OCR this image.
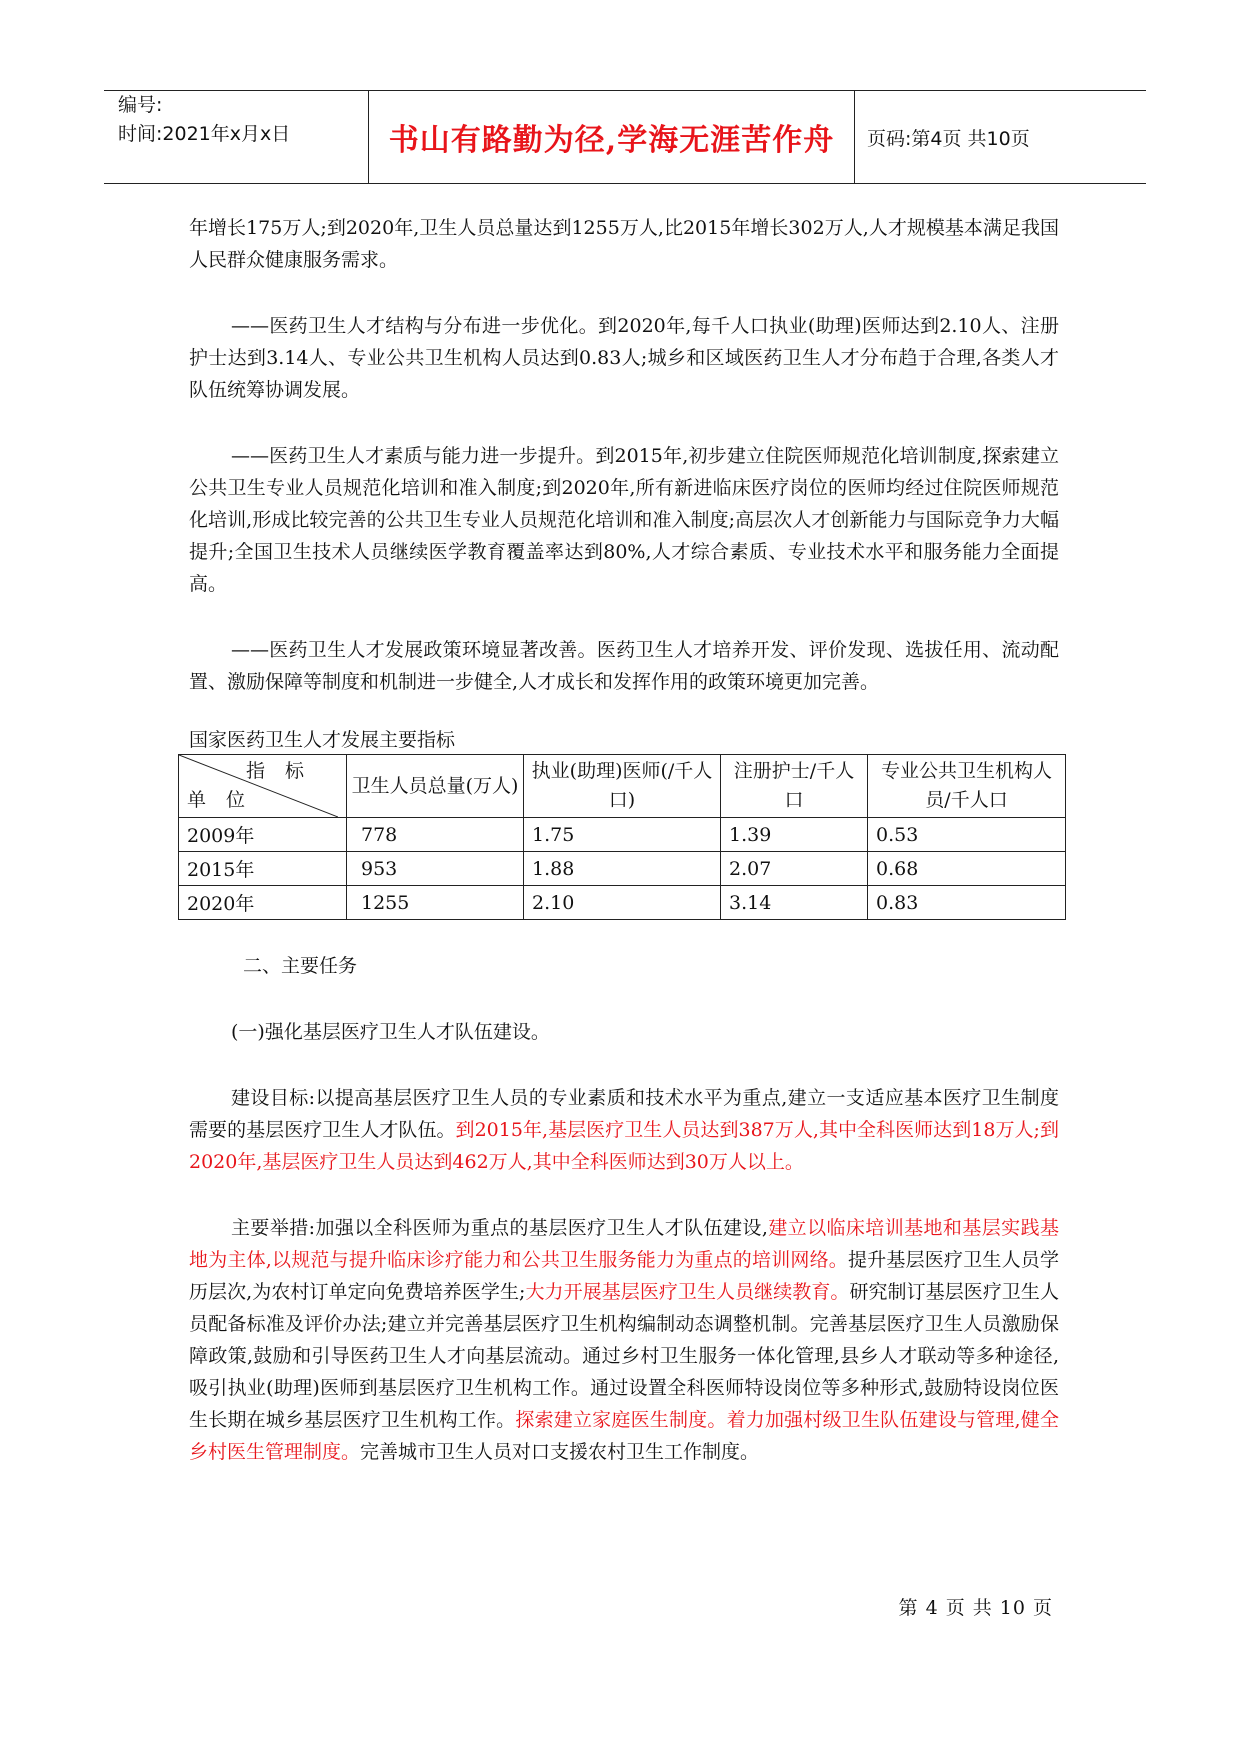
编号:
时间:2021年x月x日	书山有路勤为径,学海无涯苦作舟	页码:第4页 共10页

年增长175万人;到2020年,卫生人员总量达到1255万人,比2015年增长302万人,人才规模基本满足我国人民群众健康服务需求。

——医药卫生人才结构与分布进一步优化。到2020年,每千人口执业(助理)医师达到2.10人、注册护士达到3.14人、专业公共卫生机构人员达到0.83人;城乡和区域医药卫生人才分布趋于合理,各类人才队伍统筹协调发展。

——医药卫生人才素质与能力进一步提升。到2015年,初步建立住院医师规范化培训制度,探索建立公共卫生专业人员规范化培训和准入制度;到2020年,所有新进临床医疗岗位的医师均经过住院医师规范化培训,形成比较完善的公共卫生专业人员规范化培训和准入制度;高层次人才创新能力与国际竞争力大幅提升;全国卫生技术人员继续医学教育覆盖率达到80%,人才综合素质、专业技术水平和服务能力全面提高。

——医药卫生人才发展政策环境显著改善。医药卫生人才培养开发、评价发现、选拔任用、流动配置、激励保障等制度和机制进一步健全,人才成长和发挥作用的政策环境更加完善。

国家医药卫生人才发展主要指标
指标
单位	卫生人员总量(万人)	执业(助理)医师(/千人口)	注册护士/千人口	专业公共卫生机构人员/千人口
2009年	778	1.75	1.39	0.53
2015年	953	1.88	2.07	0.68
2020年	1255	2.10	3.14	0.83

二、主要任务

(一)强化基层医疗卫生人才队伍建设。

建设目标:以提高基层医疗卫生人员的专业素质和技术水平为重点,建立一支适应基本医疗卫生制度需要的基层医疗卫生人才队伍。到2015年,基层医疗卫生人员达到387万人,其中全科医师达到18万人;到2020年,基层医疗卫生人员达到462万人,其中全科医师达到30万人以上。

主要举措:加强以全科医师为重点的基层医疗卫生人才队伍建设,建立以临床培训基地和基层实践基地为主体,以规范与提升临床诊疗能力和公共卫生服务能力为重点的培训网络。提升基层医疗卫生人员学历层次,为农村订单定向免费培养医学生;大力开展基层医疗卫生人员继续教育。研究制订基层医疗卫生人员配备标准及评价办法;建立并完善基层医疗卫生机构编制动态调整机制。完善基层医疗卫生人员激励保障政策,鼓励和引导医药卫生人才向基层流动。通过乡村卫生服务一体化管理,县乡人才联动等多种途径,吸引执业(助理)医师到基层医疗卫生机构工作。通过设置全科医师特设岗位等多种形式,鼓励特设岗位医生长期在城乡基层医疗卫生机构工作。探索建立家庭医生制度。着力加强村级卫生队伍建设与管理,健全乡村医生管理制度。完善城市卫生人员对口支援农村卫生工作制度。

第 4 页 共 10 页
